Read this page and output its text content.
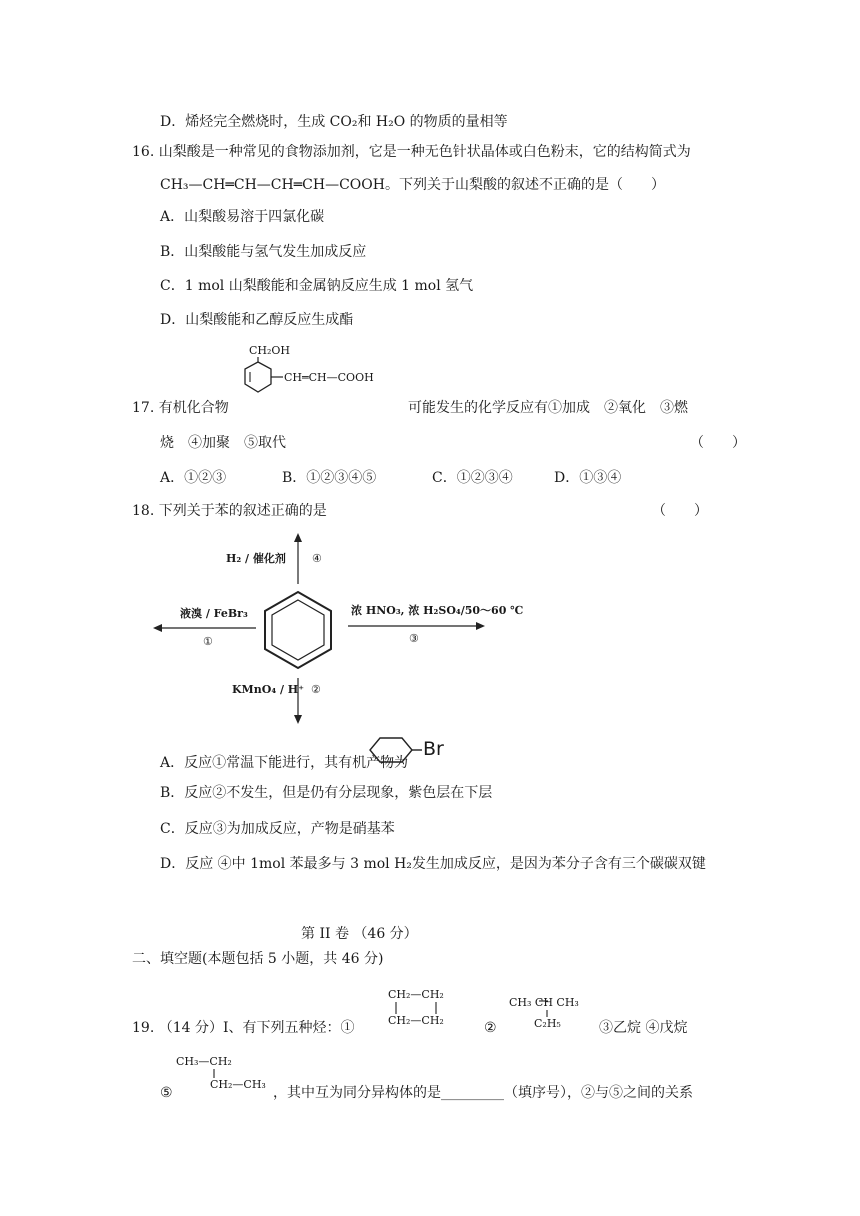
D．烯烃完全燃烧时，生成 CO₂和 H₂O 的物质的量相等
16. 山梨酸是一种常见的食物添加剂，它是一种无色针状晶体或白色粉末，它的结构简式为
CH₃—CH═CH—CH═CH—COOH。下列关于山梨酸的叙述不正确的是（　　）
A．山梨酸易溶于四氯化碳
B．山梨酸能与氢气发生加成反应
C．1 mol 山梨酸能和金属钠反应生成 1 mol 氢气
D．山梨酸能和乙醇反应生成酯
CH₂OH
CH═CH—COOH
17. 有机化合物	可能发生的化学反应有①加成　②氧化　③燃
烧　④加聚　⑤取代	（　　）
A．①②③	B．①②③④⑤	C．①②③④	D．①③④
18. 下列关于苯的叙述正确的是	（　　）
H₂ / 催化剂 ④
液溴 / FeBr₃
①
浓 HNO₃, 浓 H₂SO₄/50～60 ℃
③
KMnO₄ / H⁺ ②
A．反应①常温下能进行，其有机产物为
Br
B．反应②不发生，但是仍有分层现象，紫色层在下层
C．反应③为加成反应，产物是硝基苯
D．反应 ④中 1mol 苯最多与 3 mol H₂发生加成反应，是因为苯分子含有三个碳碳双键
第 II 卷 （46 分）
二、填空题(本题包括 5 小题，共 46 分)
CH₂—CH₂
CH₂—CH₂
CH₃ CH CH₃
C₂H₅
19. （14 分）Ⅰ、有下列五种烃：①	②	③乙烷 ④戊烷
CH₃—CH₂
CH₂—CH₃
⑤	，其中互为同分异构体的是_________（填序号），②与⑤之间的关系
